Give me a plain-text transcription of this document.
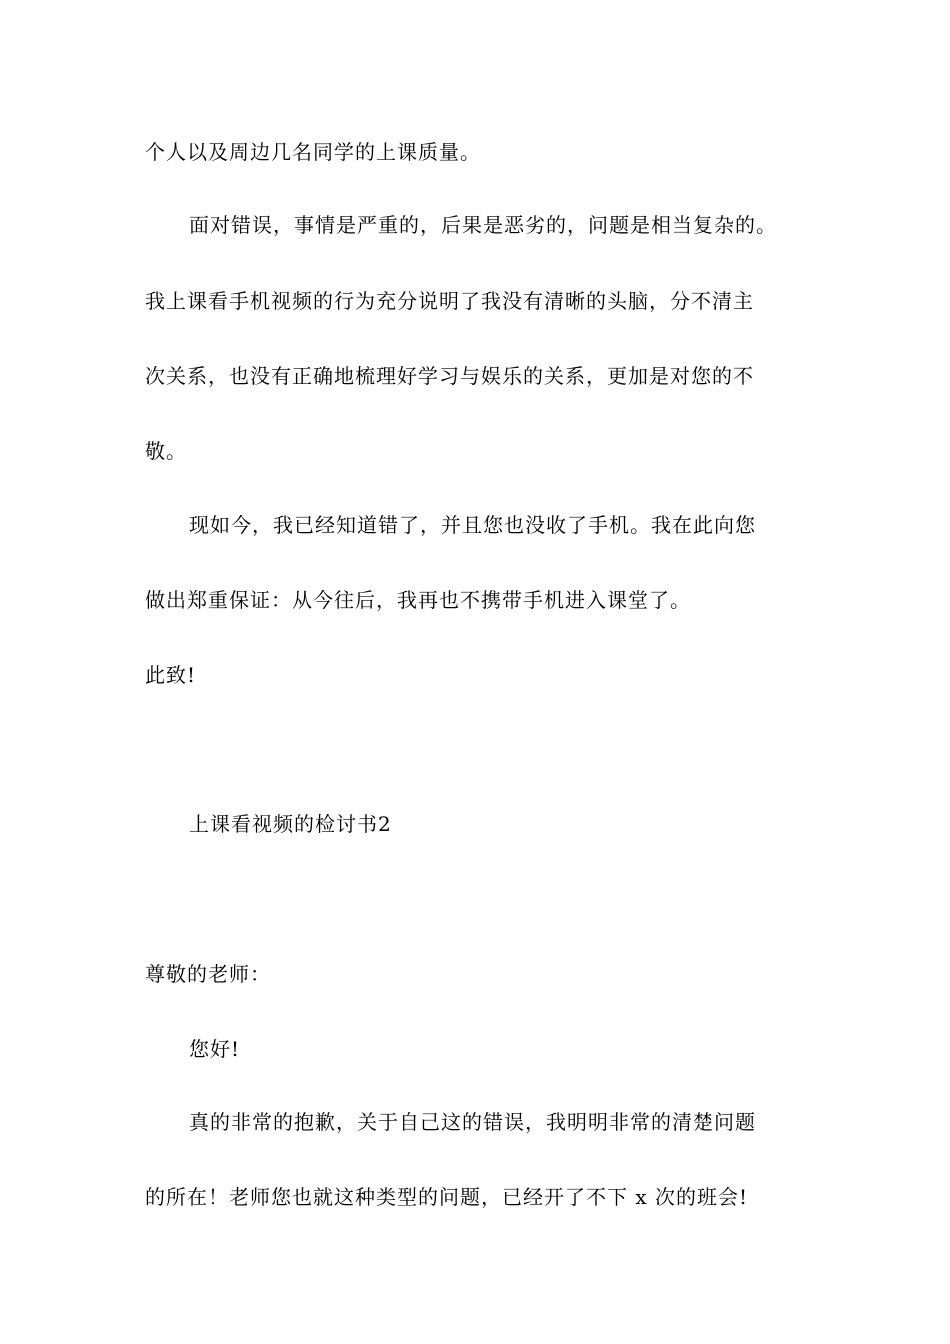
个人以及周边几名同学的上课质量。
面对错误，事情是严重的，后果是恶劣的，问题是相当复杂的。
我上课看手机视频的行为充分说明了我没有清晰的头脑，分不清主
次关系，也没有正确地梳理好学习与娱乐的关系，更加是对您的不
敬。
现如今，我已经知道错了，并且您也没收了手机。我在此向您
做出郑重保证：从今往后，我再也不携带手机进入课堂了。
此致!
上课看视频的检讨书2
尊敬的老师：
您好!
真的非常的抱歉，关于自己这的错误，我明明非常的清楚问题
的所在！老师您也就这种类型的问题，已经开了不下 x 次的班会!
